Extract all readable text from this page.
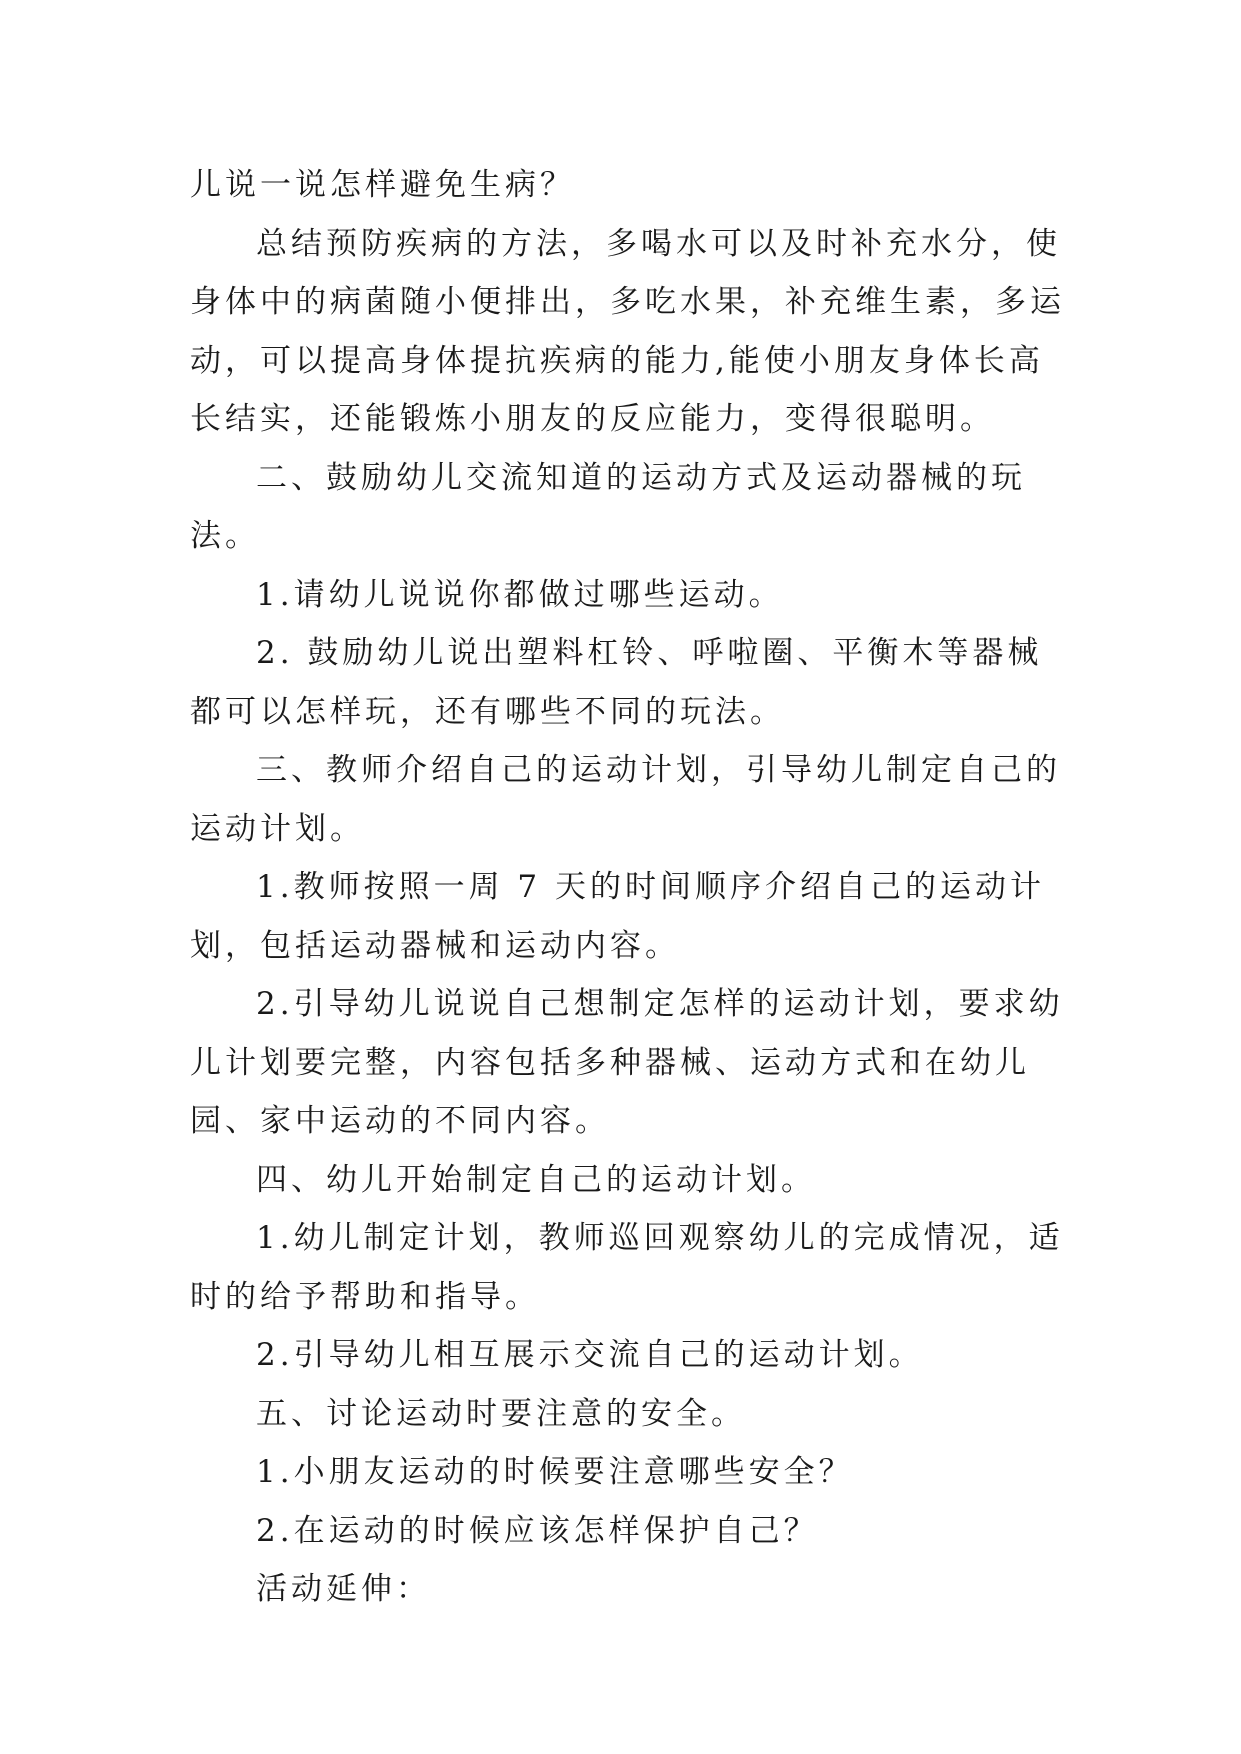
儿说一说怎样避免生病？

总结预防疾病的方法，多喝水可以及时补充水分，使身体中的病菌随小便排出，多吃水果，补充维生素，多运动，可以提高身体提抗疾病的能力,能使小朋友身体长高长结实，还能锻炼小朋友的反应能力，变得很聪明。

二、鼓励幼儿交流知道的运动方式及运动器械的玩法。

1.请幼儿说说你都做过哪些运动。

2. 鼓励幼儿说出塑料杠铃、呼啦圈、平衡木等器械都可以怎样玩，还有哪些不同的玩法。

三、教师介绍自己的运动计划，引导幼儿制定自己的运动计划。

1.教师按照一周 7 天的时间顺序介绍自己的运动计划，包括运动器械和运动内容。

2.引导幼儿说说自己想制定怎样的运动计划，要求幼儿计划要完整，内容包括多种器械、运动方式和在幼儿园、家中运动的不同内容。

四、幼儿开始制定自己的运动计划。

1.幼儿制定计划，教师巡回观察幼儿的完成情况，适时的给予帮助和指导。

2.引导幼儿相互展示交流自己的运动计划。

五、讨论运动时要注意的安全。

1.小朋友运动的时候要注意哪些安全？

2.在运动的时候应该怎样保护自己？

活动延伸：
